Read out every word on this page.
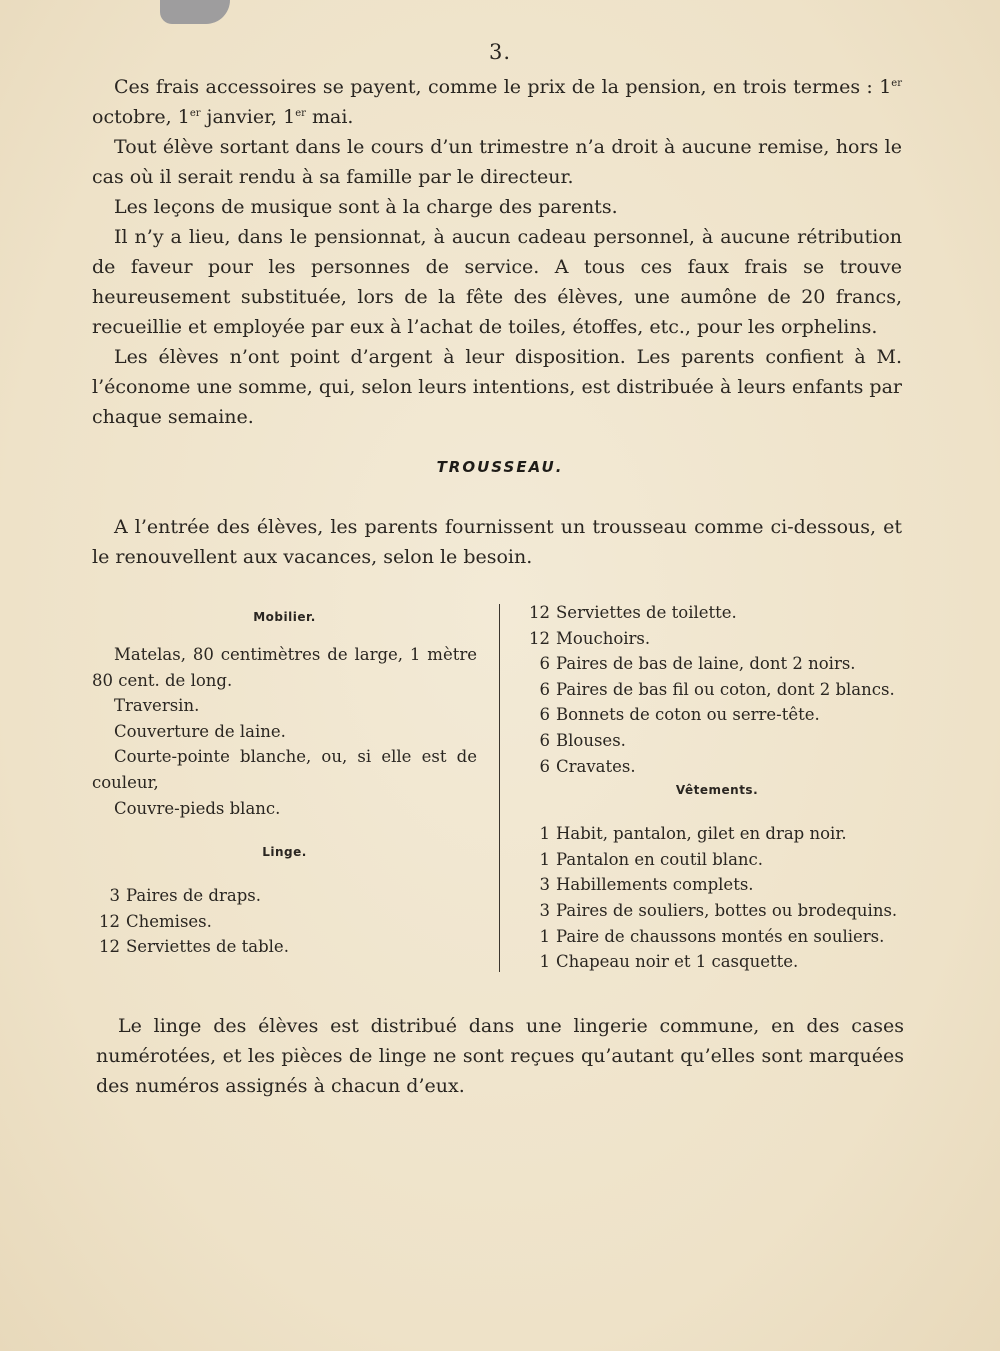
3.

Ces frais accessoires se payent, comme le prix de la pension, en trois termes : 1er octobre, 1er janvier, 1er mai.

Tout élève sortant dans le cours d’un trimestre n’a droit à aucune remise, hors le cas où il serait rendu à sa famille par le directeur.

Les leçons de musique sont à la charge des parents.

Il n’y a lieu, dans le pensionnat, à aucun cadeau personnel, à aucune rétribution de faveur pour les personnes de service. A tous ces faux frais se trouve heureusement substituée, lors de la fête des élèves, une aumône de 20 francs, recueillie et employée par eux à l’achat de toiles, étoffes, etc., pour les orphelins.

Les élèves n’ont point d’argent à leur disposition. Les parents confient à M. l’économe une somme, qui, selon leurs intentions, est distribuée à leurs enfants par chaque semaine.

TROUSSEAU.

A l’entrée des élèves, les parents fournissent un trousseau comme ci-dessous, et le renouvellent aux vacances, selon le besoin.

Mobilier.

Matelas, 80 centimètres de large, 1 mètre 80 cent. de long.

Traversin.

Couverture de laine.

Courte-pointe blanche, ou, si elle est de couleur,

Couvre-pieds blanc.

Linge.

3 Paires de draps.

12 Chemises.

12 Serviettes de table.

12 Serviettes de toilette.

12 Mouchoirs.

6 Paires de bas de laine, dont 2 noirs.

6 Paires de bas fil ou coton, dont 2 blancs.

6 Bonnets de coton ou serre-tête.

6 Blouses.

6 Cravates.

Vêtements.

1 Habit, pantalon, gilet en drap noir.

1 Pantalon en coutil blanc.

3 Habillements complets.

3 Paires de souliers, bottes ou brodequins.

1 Paire de chaussons montés en souliers.

1 Chapeau noir et 1 casquette.

Le linge des élèves est distribué dans une lingerie commune, en des cases numérotées, et les pièces de linge ne sont reçues qu’autant qu’elles sont marquées des numéros assignés à chacun d’eux.
